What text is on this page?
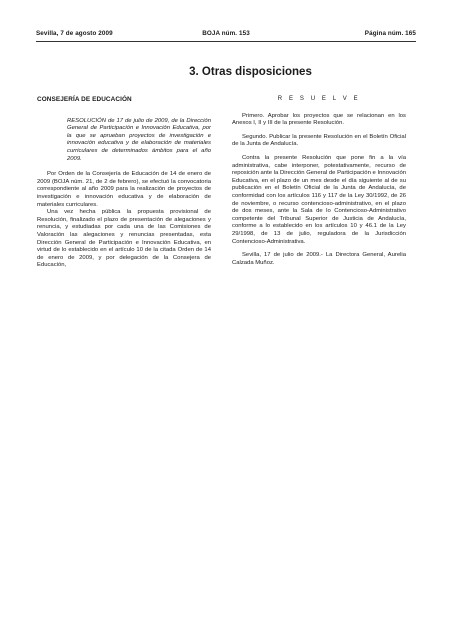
Sevilla, 7 de agosto 2009	BOJA núm. 153	Página núm. 165
3. Otras disposiciones

CONSEJERÍA DE EDUCACIÓN

RESOLUCIÓN de 17 de julio de 2009, de la Dirección General de Participación e Innovación Educativa, por la que se aprueban proyectos de investigación e innovación educativa y de elaboración de materiales curriculares de determinados ámbitos para el año 2009.

Por Orden de la Consejería de Educación de 14 de enero de 2009 (BOJA núm. 21, de 2 de febrero), se efectuó la convocatoria correspondiente al año 2009 para la realización de proyectos de investigación e innovación educativa y de elaboración de materiales curriculares.

Una vez hecha pública la propuesta provisional de Resolución, finalizado el plazo de presentación de alegaciones y renuncia, y estudiadas por cada una de las Comisiones de Valoración las alegaciones y renuncias presentadas, esta Dirección General de Participación e Innovación Educativa, en virtud de lo establecido en el artículo 10 de la citada Orden de 14 de enero de 2009, y por delegación de la Consejera de Educación,

R E S U E L V E

Primero. Aprobar los proyectos que se relacionan en los Anexos I, II y III de la presente Resolución.

Segundo. Publicar la presente Resolución en el Boletín Oficial de la Junta de Andalucía.

Contra la presente Resolución que pone fin a la vía administrativa, cabe interponer, potestativamente, recurso de reposición ante la Dirección General de Participación e Innovación Educativa, en el plazo de un mes desde el día siguiente al de su publicación en el Boletín Oficial de la Junta de Andalucía, de conformidad con los artículos 116 y 117 de la Ley 30/1992, de 26 de noviembre, o recurso contencioso-administrativo, en el plazo de dos meses, ante la Sala de lo Contencioso-Administrativo competente del Tribunal Superior de Justicia de Andalucía, conforme a lo establecido en los artículos 10 y 46.1 de la Ley 29/1998, de 13 de julio, reguladora de la Jurisdicción Contencioso-Administrativa.

Sevilla, 17 de julio de 2009.- La Directora General, Aurelia Calzada Muñoz.
